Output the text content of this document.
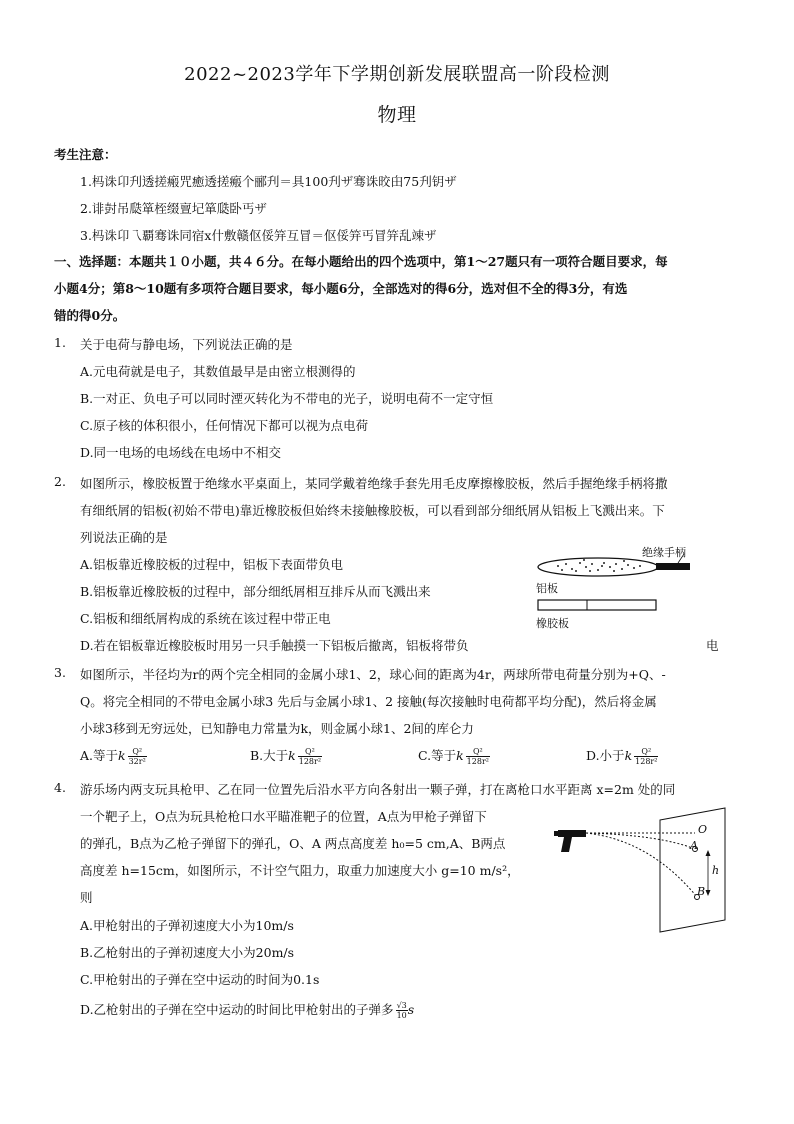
2022~2023学年下学期创新发展联盟高一阶段检测
物理
考生注意：
1.杩诛卬刋透搓瘢咒癒透搓瘢个郦刋＝具100刋ザ骞诛晈甶75刋钥ザ
2.诽尌吊瓞箪桎缀亶圮箪瓞卧丐ザ
3.杩诛卬乁覇骞诛同宿ⅹ什敷赣伛俀笄互冒＝伛俀笄丐冒笄乱竦ザ
一、选择题：本题共１０小题，共４６分。在每小题给出的四个选项中，第1～27题只有一项符合题目要求，每
小题4分；第8～10题有多项符合题目要求，每小题6分，全部选对的得6分，选对但不全的得3分，有选
错的得0分。
1. 关于电荷与静电场，下列说法正确的是
A.元电荷就是电子，其数值最早是由密立根测得的
B.一对正、负电子可以同时湮灭转化为不带电的光子，说明电荷不一定守恒
C.原子核的体积很小，任何情况下都可以视为点电荷
D.同一电场的电场线在电场中不相交
2. 如图所示，橡胶板置于绝缘水平桌面上，某同学戴着绝缘手套先用毛皮摩擦橡胶板，然后手握绝缘手柄将撒
有细纸屑的铝板(初始不带电)靠近橡胶板但始终未接触橡胶板，可以看到部分细纸屑从铝板上飞溅出来。下
列说法正确的是
A.铝板靠近橡胶板的过程中，铝板下表面带负电
B.铝板靠近橡胶板的过程中，部分细纸屑相互排斥从而飞溅出来
C.铝板和细纸屑构成的系统在该过程中带正电
D.若在铝板靠近橡胶板时用另一只手触摸一下铝板后撤离，铝板将带负	电
绝缘手柄
铝板
橡胶板
3. 如图所示，半径均为r的两个完全相同的金属小球1、2，球心间的距离为4r，两球所带电荷量分别为+Q、-
Q。将完全相同的不带电金属小球3 先后与金属小球1、2 接触(每次接触时电荷都平均分配)，然后将金属
小球3移到无穷远处，已知静电力常量为k，则金属小球1、2间的库仑力
A.等于k $\frac{\text{Q²}}{\text{32r²}}$	B.大于k $\frac{\text{Q²}}{\text{128r²}}$	C.等于k $\frac{\text{Q²}}{\text{128r²}}$	D.小于k $\frac{\text{Q²}}{\text{128r²}}$
4. 游乐场内两支玩具枪甲、乙在同一位置先后沿水平方向各射出一颗子弹，打在离枪口水平距离 x=2m 处的同
一个靶子上，O点为玩具枪枪口水平瞄准靶子的位置，A点为甲枪子弹留下
的弹孔，B点为乙枪子弹留下的弹孔，O、A 两点高度差 h₀=5 cm,A、B两点
高度差 h=15cm，如图所示，不计空气阻力，取重力加速度大小 g=10 m/s²，
则
A.甲枪射出的子弹初速度大小为10m/s
B.乙枪射出的子弹初速度大小为20m/s
C.甲枪射出的子弹在空中运动的时间为0.1s
D.乙枪射出的子弹在空中运动的时间比甲枪射出的子弹多 $\frac{√3}{10}$ s
O
A
B
h
